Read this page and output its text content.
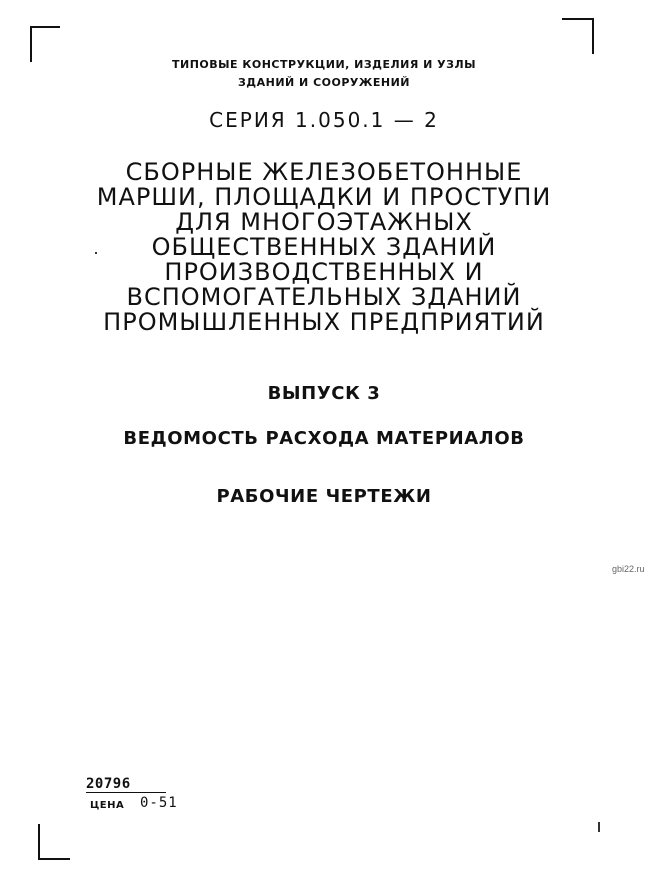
ТИПОВЫЕ КОНСТРУКЦИИ, ИЗДЕЛИЯ И УЗЛЫ
ЗДАНИЙ И СООРУЖЕНИЙ
СЕРИЯ 1.050.1 — 2
СБОРНЫЕ ЖЕЛЕЗОБЕТОННЫЕ
МАРШИ, ПЛОЩАДКИ И ПРОСТУПИ
ДЛЯ МНОГОЭТАЖНЫХ
ОБЩЕСТВЕННЫХ ЗДАНИЙ
ПРОИЗВОДСТВЕННЫХ И
ВСПОМОГАТЕЛЬНЫХ ЗДАНИЙ
ПРОМЫШЛЕННЫХ ПРЕДПРИЯТИЙ
ВЫПУСК 3
ВЕДОМОСТЬ РАСХОДА МАТЕРИАЛОВ
РАБОЧИЕ ЧЕРТЕЖИ
gbi22.ru
20796
ЦЕНА 0-51
